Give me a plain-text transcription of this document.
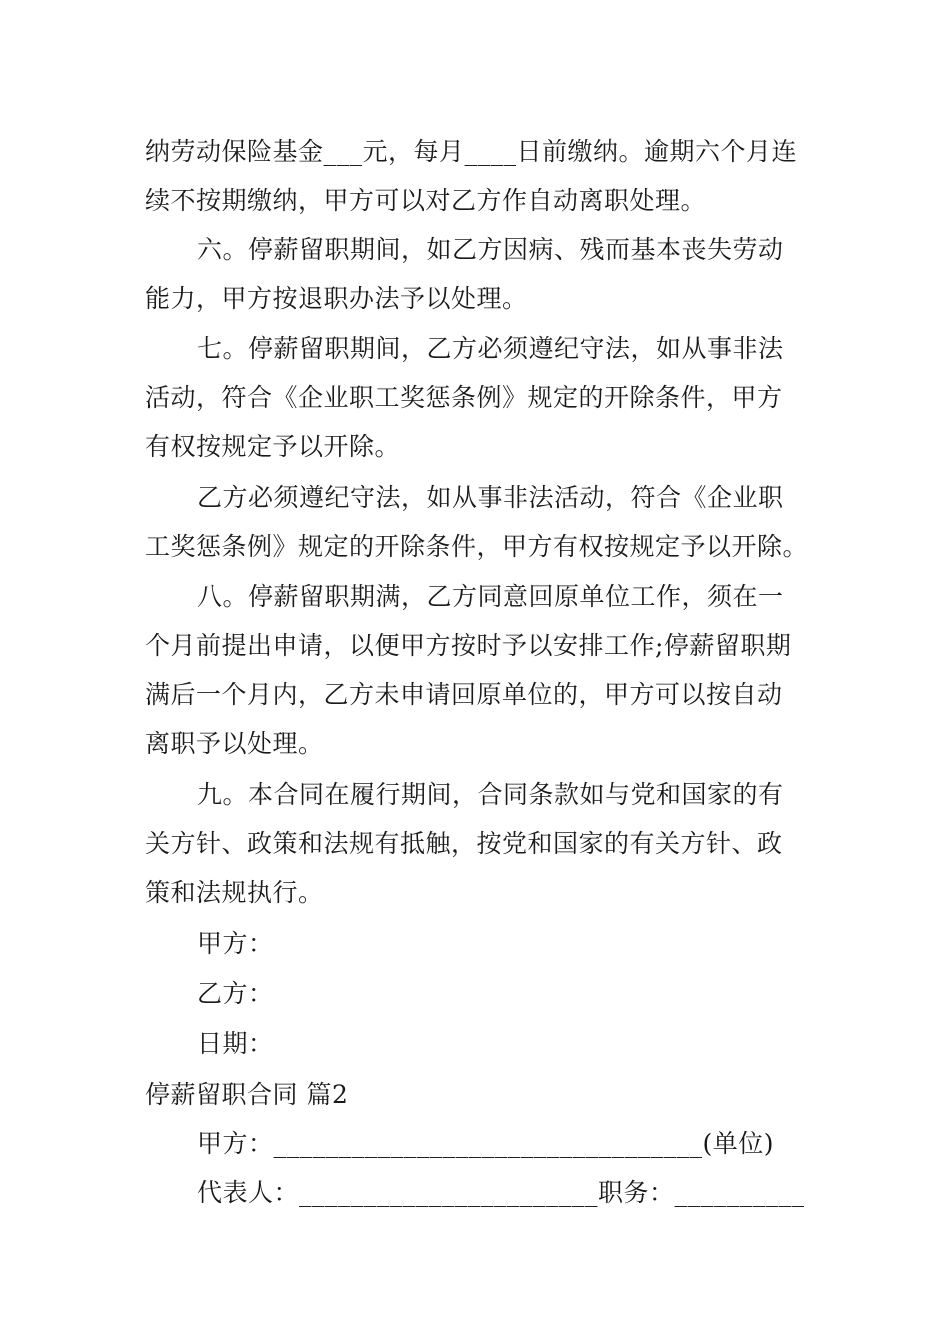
纳劳动保险基金___元，每月____日前缴纳。逾期六个月连
续不按期缴纳，甲方可以对乙方作自动离职处理。
六。停薪留职期间，如乙方因病、残而基本丧失劳动
能力，甲方按退职办法予以处理。
七。停薪留职期间，乙方必须遵纪守法，如从事非法
活动，符合《企业职工奖惩条例》规定的开除条件，甲方
有权按规定予以开除。
乙方必须遵纪守法，如从事非法活动，符合《企业职
工奖惩条例》规定的开除条件，甲方有权按规定予以开除。
八。停薪留职期满，乙方同意回原单位工作，须在一
个月前提出申请，以便甲方按时予以安排工作;停薪留职期
满后一个月内，乙方未申请回原单位的，甲方可以按自动
离职予以处理。
九。本合同在履行期间，合同条款如与党和国家的有
关方针、政策和法规有抵触，按党和国家的有关方针、政
策和法规执行。
甲方：
乙方：
日期：
停薪留职合同 篇2
甲方：_________________________________(单位)
代表人：_______________________职务：__________
